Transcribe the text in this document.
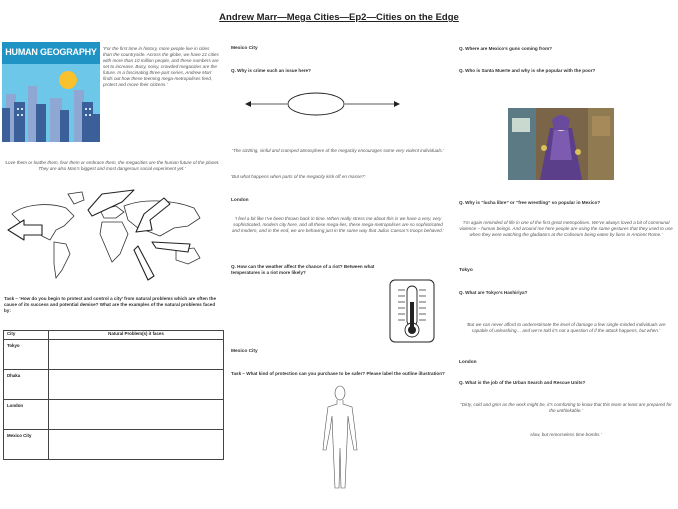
Andrew Marr—Mega Cities—Ep2—Cities on the Edge
HUMAN GEOGRAPHY	‘For the first time in history, more people live in cities than the countryside. Across the globe, we have 21 cities with more than 10 million people, and these numbers are set to increase. Busy, noisy, crowded megacities are the future. In a fascinating three-part series, Andrew Marr finds out how these teeming mega-metropolises feed, protect and move their citizens.’
‘Love them or loathe them, fear them or embrace them, the megacities are the human future of the planet. They are also Man’s biggest and most dangerous social experiment yet.’
Task – ‘How do you begin to protect and control a city’ from natural problems which are often the cause of its success and potential demise? What are the examples of the natural problems faced by:
City	Natural Problem(s) it faces
Tokyo	
Dhaka	
London	
Mexico City	
Mexico City
Q. Why is crime such an issue here?
‘The sizzling, sinful and cramped atmosphere of the megacity encourages some very violent individuals.’
‘But what happens when parts of the megacity kick off en masse?’
London
‘I feel a bit like I’ve been thrown back in time. When really stress me about this is we have a very, very sophisticated, modern city here, and all these mega-lies, these mega-metropolises are so sophisticated and modern, and in the end, we are behaving just in the same way that Julius Caesar’s troops behaved.’
Q. How can the weather affect the chance of a riot? Between what temperatures is a riot more likely?
Mexico City
Task – What kind of protection can you purchase to be safer? Please label the outline illustration?
Q. Where are Mexico’s guns coming from?
Q. Who is Santa Muerte and why is she popular with the poor?
Q. Why is “lucha libre” or “free wrestling” so popular in Mexico?
‘I’m again reminded of life in one of the first great metropolises. We’ve always loved a bit of communal violence – human beings. And around me here people are using the same gestures that they used to use when they were watching the gladiators at the Coliseum being eaten by lions in Ancient Rome.’
Tokyo
Q. What are Tokyo’s Hashiriya?
‘But we can never afford to underestimate the level of damage a few single-minded individuals are capable of unleashing… and we’re told it’s not a question of if the attack happens, but when.’
London
Q. What is the job of the Urban Search and Rescue Units?
“Dirty, cold and grim as the work might be, it’s comforting to know that this team at least are prepared for the unthinkable.’
slow, but remorseless time bombs.’
